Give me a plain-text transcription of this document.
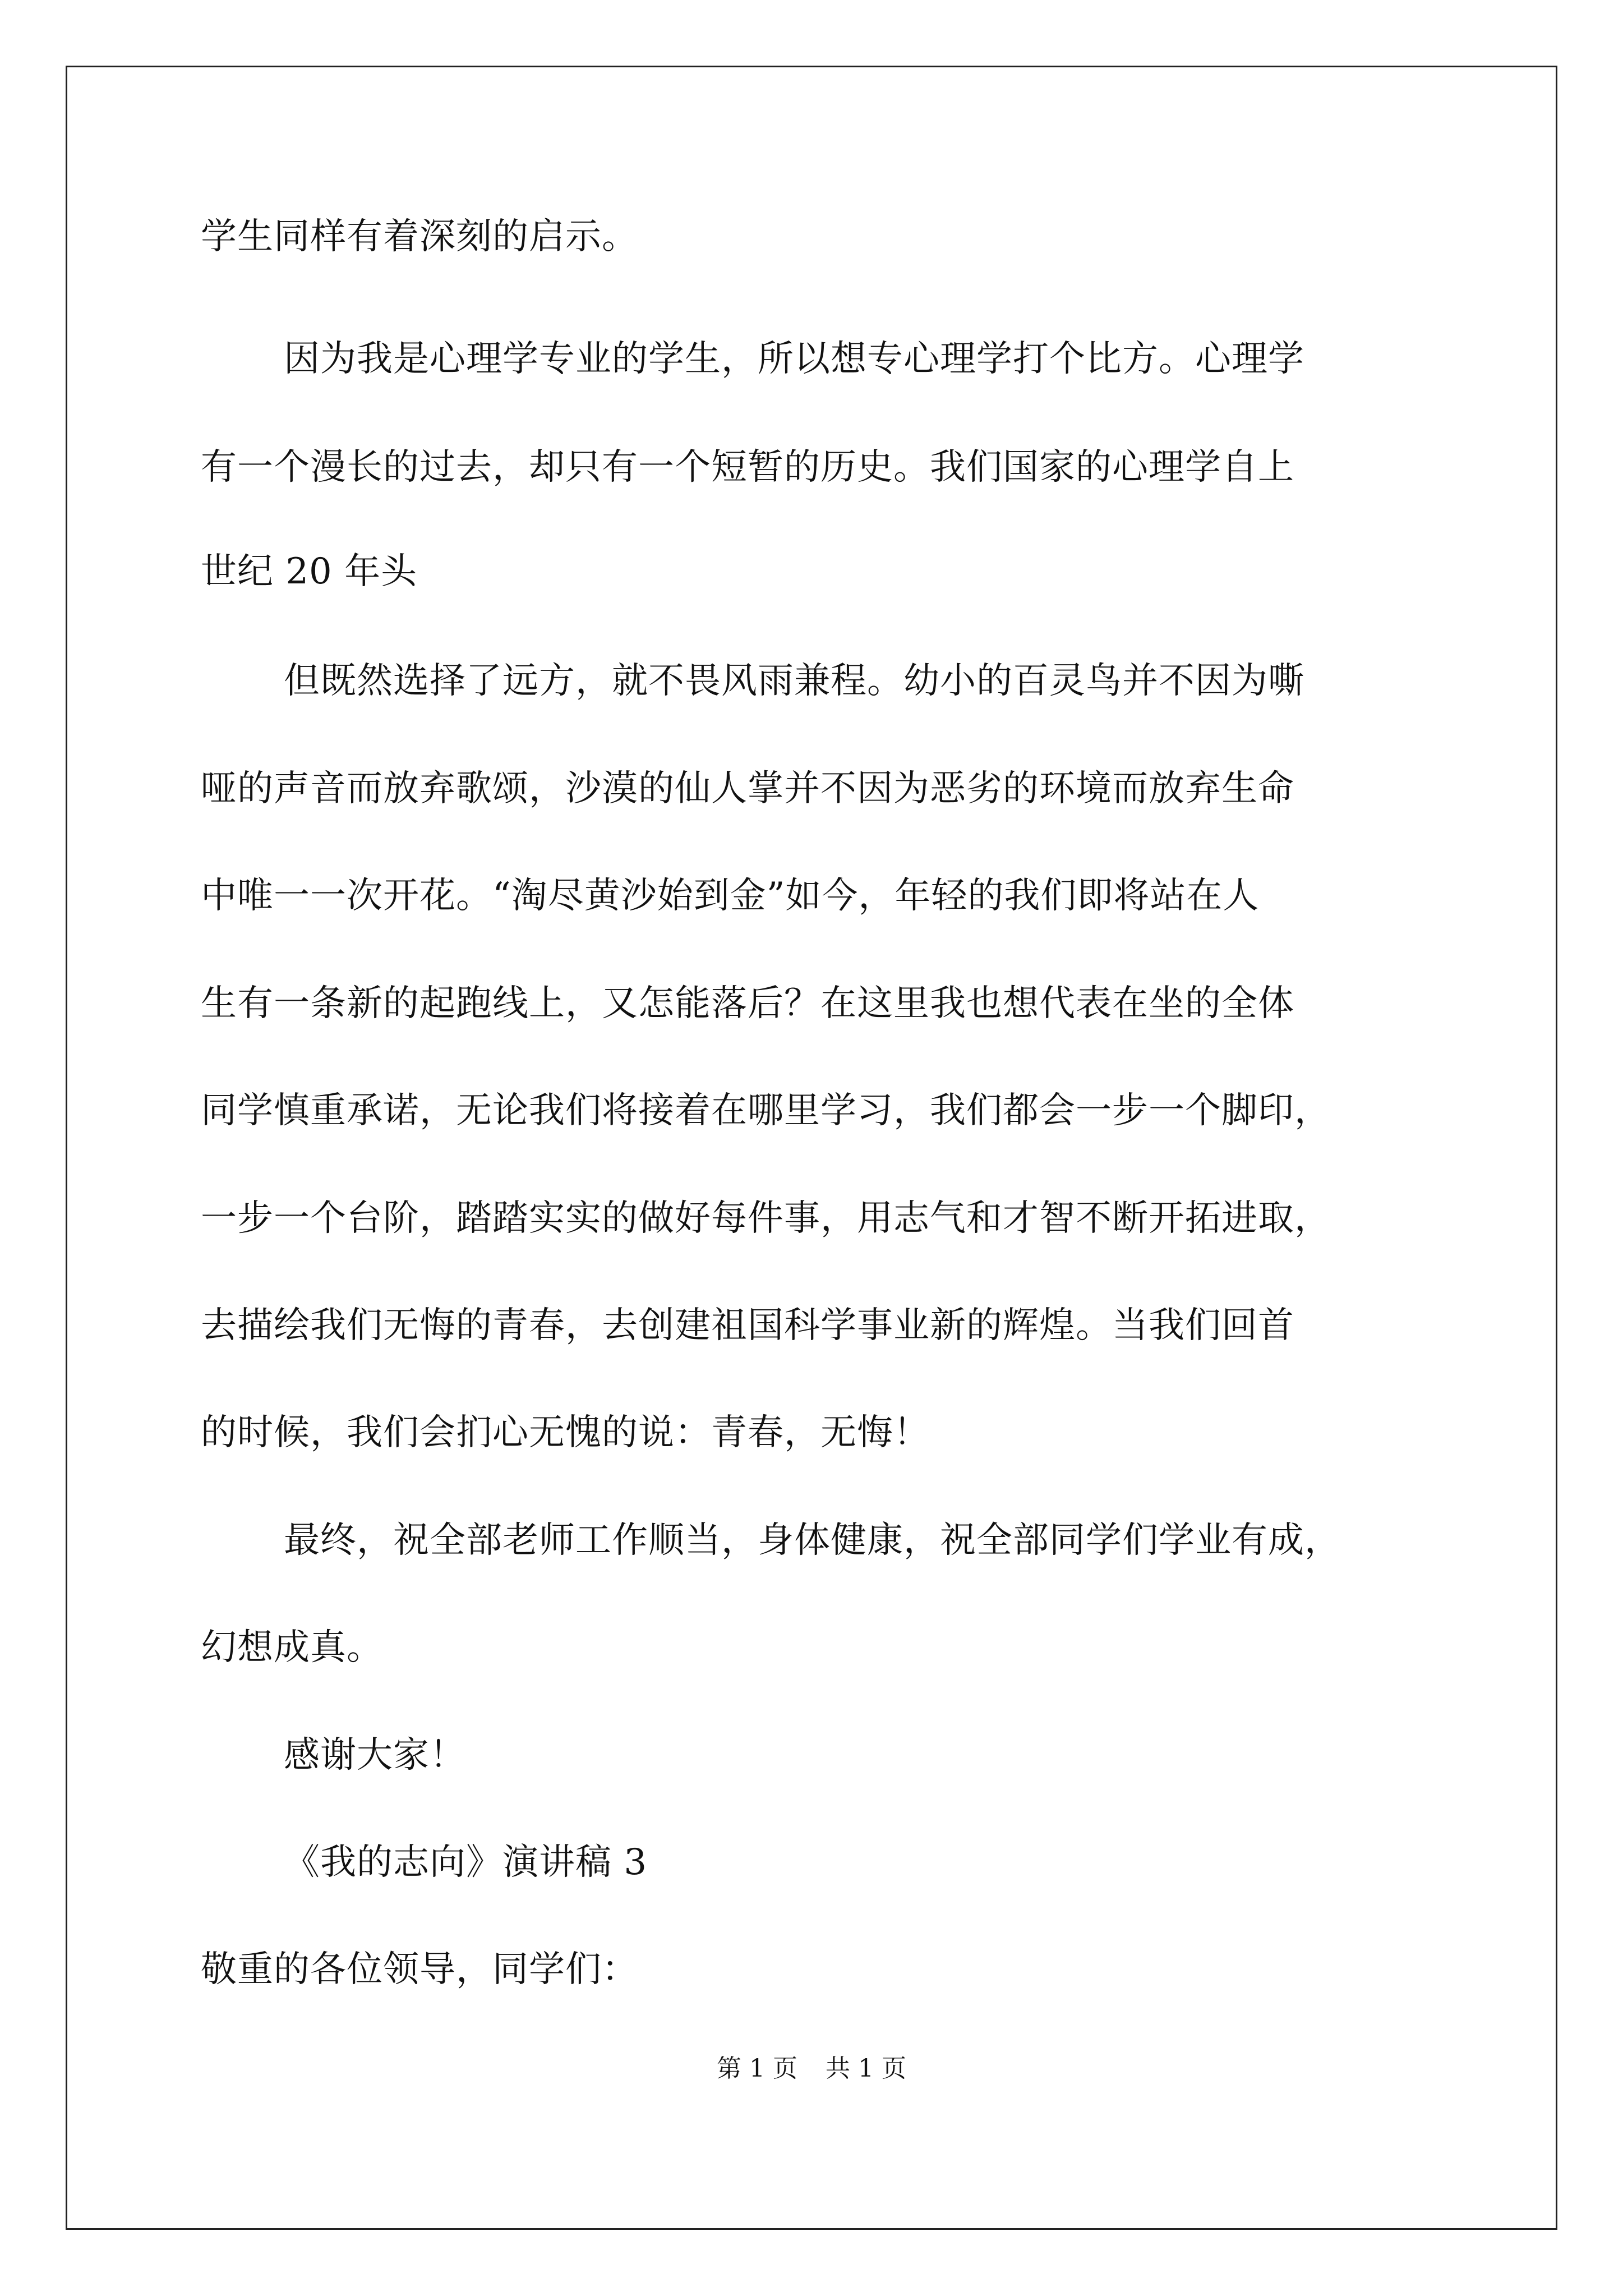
学生同样有着深刻的启示。
因为我是心理学专业的学生，所以想专心理学打个比方。心理学
有一个漫长的过去，却只有一个短暂的历史。我们国家的心理学自上
世纪 20 年头
但既然选择了远方，就不畏风雨兼程。幼小的百灵鸟并不因为嘶
哑的声音而放弃歌颂，沙漠的仙人掌并不因为恶劣的环境而放弃生命
中唯一一次开花。“淘尽黄沙始到金”如今，年轻的我们即将站在人
生有一条新的起跑线上，又怎能落后？在这里我也想代表在坐的全体
同学慎重承诺，无论我们将接着在哪里学习，我们都会一步一个脚印，
一步一个台阶，踏踏实实的做好每件事，用志气和才智不断开拓进取，
去描绘我们无悔的青春，去创建祖国科学事业新的辉煌。当我们回首
的时候，我们会扪心无愧的说：青春，无悔！
最终，祝全部老师工作顺当，身体健康，祝全部同学们学业有成，
幻想成真。
感谢大家！
《我的志向》演讲稿 3
敬重的各位领导，同学们：
第 1 页 共 1 页
